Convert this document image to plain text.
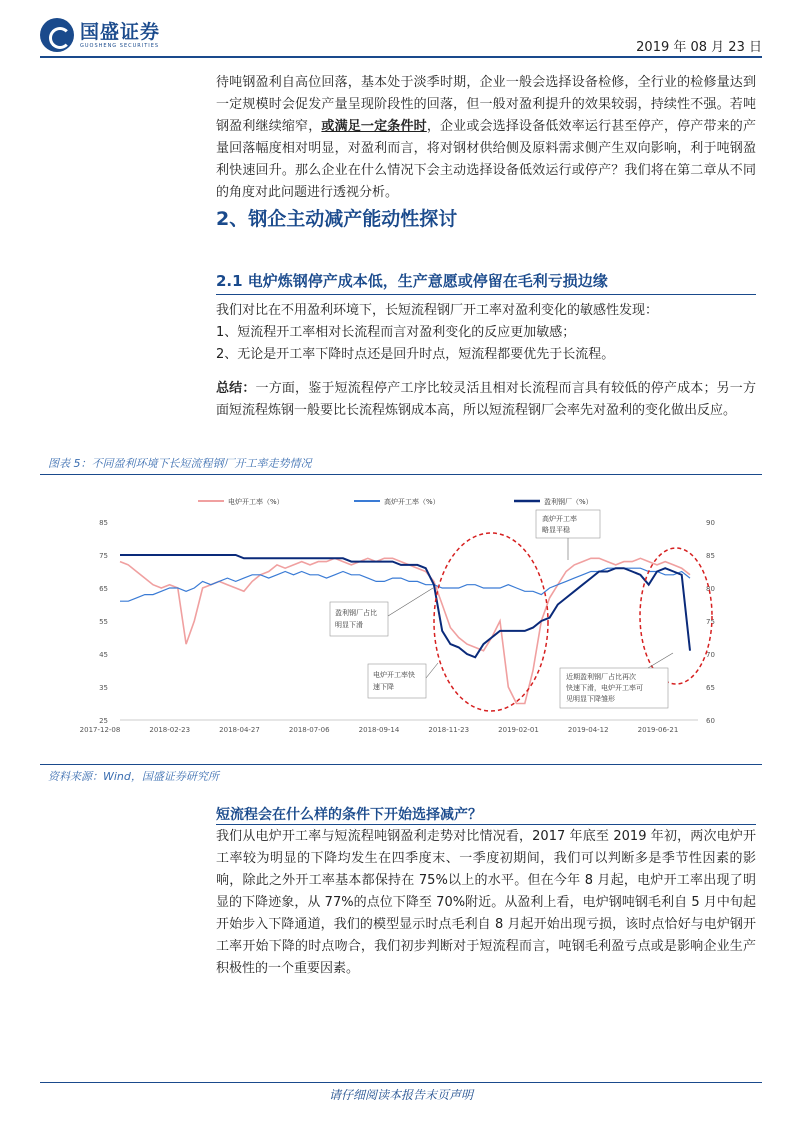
国盛证券
GUOSHENG SECURITIES	2019 年 08 月 23 日
待吨钢盈利自高位回落，基本处于淡季时期，企业一般会选择设备检修，全行业的检修量达到一定规模时会促发产量呈现阶段性的回落，但一般对盈利提升的效果较弱，持续性不强。若吨钢盈利继续缩窄，或满足一定条件时，企业或会选择设备低效率运行甚至停产，停产带来的产量回落幅度相对明显，对盈利而言，将对钢材供给侧及原料需求侧产生双向影响，利于吨钢盈利快速回升。那么企业在什么情况下会主动选择设备低效运行或停产？我们将在第二章从不同的角度对此问题进行透视分析。
2、钢企主动减产能动性探讨
2.1 电炉炼钢停产成本低，生产意愿或停留在毛利亏损边缘
我们对比在不用盈利环境下，长短流程钢厂开工率对盈利变化的敏感性发现：
1、短流程开工率相对长流程而言对盈利变化的反应更加敏感；
2、无论是开工率下降时点还是回升时点，短流程都要优先于长流程。
总结：一方面，鉴于短流程停产工序比较灵活且相对长流程而言具有较低的停产成本；另一方面短流程炼钢一般要比长流程炼钢成本高，所以短流程钢厂会率先对盈利的变化做出反应。
图表 5：不同盈利环境下长短流程钢厂开工率走势情况
电炉开工率（%）	高炉开工率（%）	盈利钢厂（%）
25
35
45
55
65
75
85
60
65
70
75
80
85
90
2017-12-08	2018-02-23	2018-04-27	2018-07-06	2018-09-14	2018-11-23	2019-02-01	2019-04-12	2019-06-21
高炉开工率
略显平稳
盈利钢厂占比
明显下滑
电炉开工率快
速下降
近期盈利钢厂占比再次
快速下滑，电炉开工率可
见明显下降雏形
资料来源：Wind，国盛证券研究所
短流程会在什么样的条件下开始选择减产？
我们从电炉开工率与短流程吨钢盈利走势对比情况看，2017 年底至 2019 年初，两次电炉开工率较为明显的下降均发生在四季度末、一季度初期间，我们可以判断多是季节性因素的影响，除此之外开工率基本都保持在 75%以上的水平。但在今年 8 月起，电炉开工率出现了明显的下降迹象，从 77%的点位下降至 70%附近。从盈利上看，电炉钢吨钢毛利自 5 月中旬起开始步入下降通道，我们的模型显示时点毛利自 8 月起开始出现亏损，该时点恰好与电炉钢开工率开始下降的时点吻合，我们初步判断对于短流程而言，吨钢毛利盈亏点或是影响企业生产积极性的一个重要因素。
请仔细阅读本报告末页声明
